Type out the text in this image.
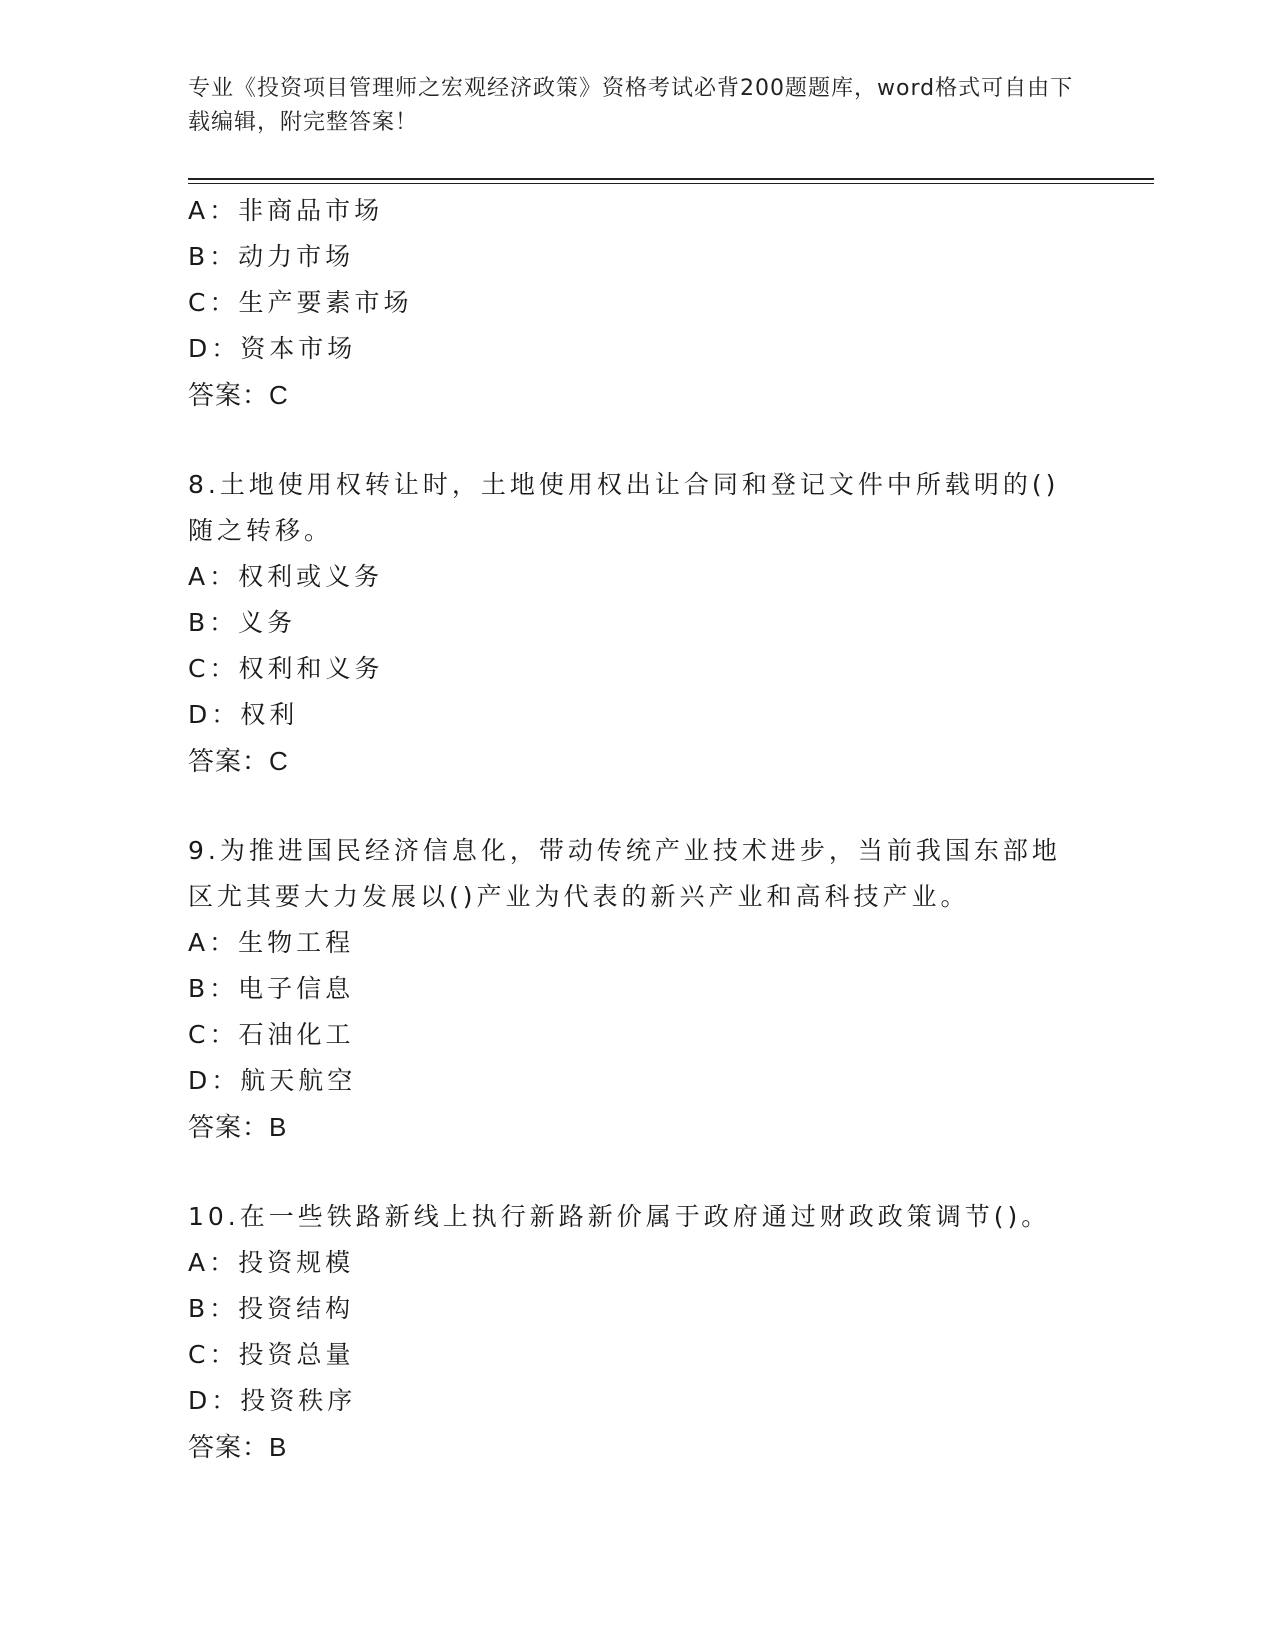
专业《投资项目管理师之宏观经济政策》资格考试必背200题题库，word格式可自由下载编辑，附完整答案！
A：非商品市场
B：动力市场
C：生产要素市场
D：资本市场
答案：C
8.土地使用权转让时，土地使用权出让合同和登记文件中所载明的()随之转移。
A：权利或义务
B：义务
C：权利和义务
D：权利
答案：C
9.为推进国民经济信息化，带动传统产业技术进步，当前我国东部地区尤其要大力发展以()产业为代表的新兴产业和高科技产业。
A：生物工程
B：电子信息
C：石油化工
D：航天航空
答案：B
10.在一些铁路新线上执行新路新价属于政府通过财政政策调节()。
A：投资规模
B：投资结构
C：投资总量
D：投资秩序
答案：B
